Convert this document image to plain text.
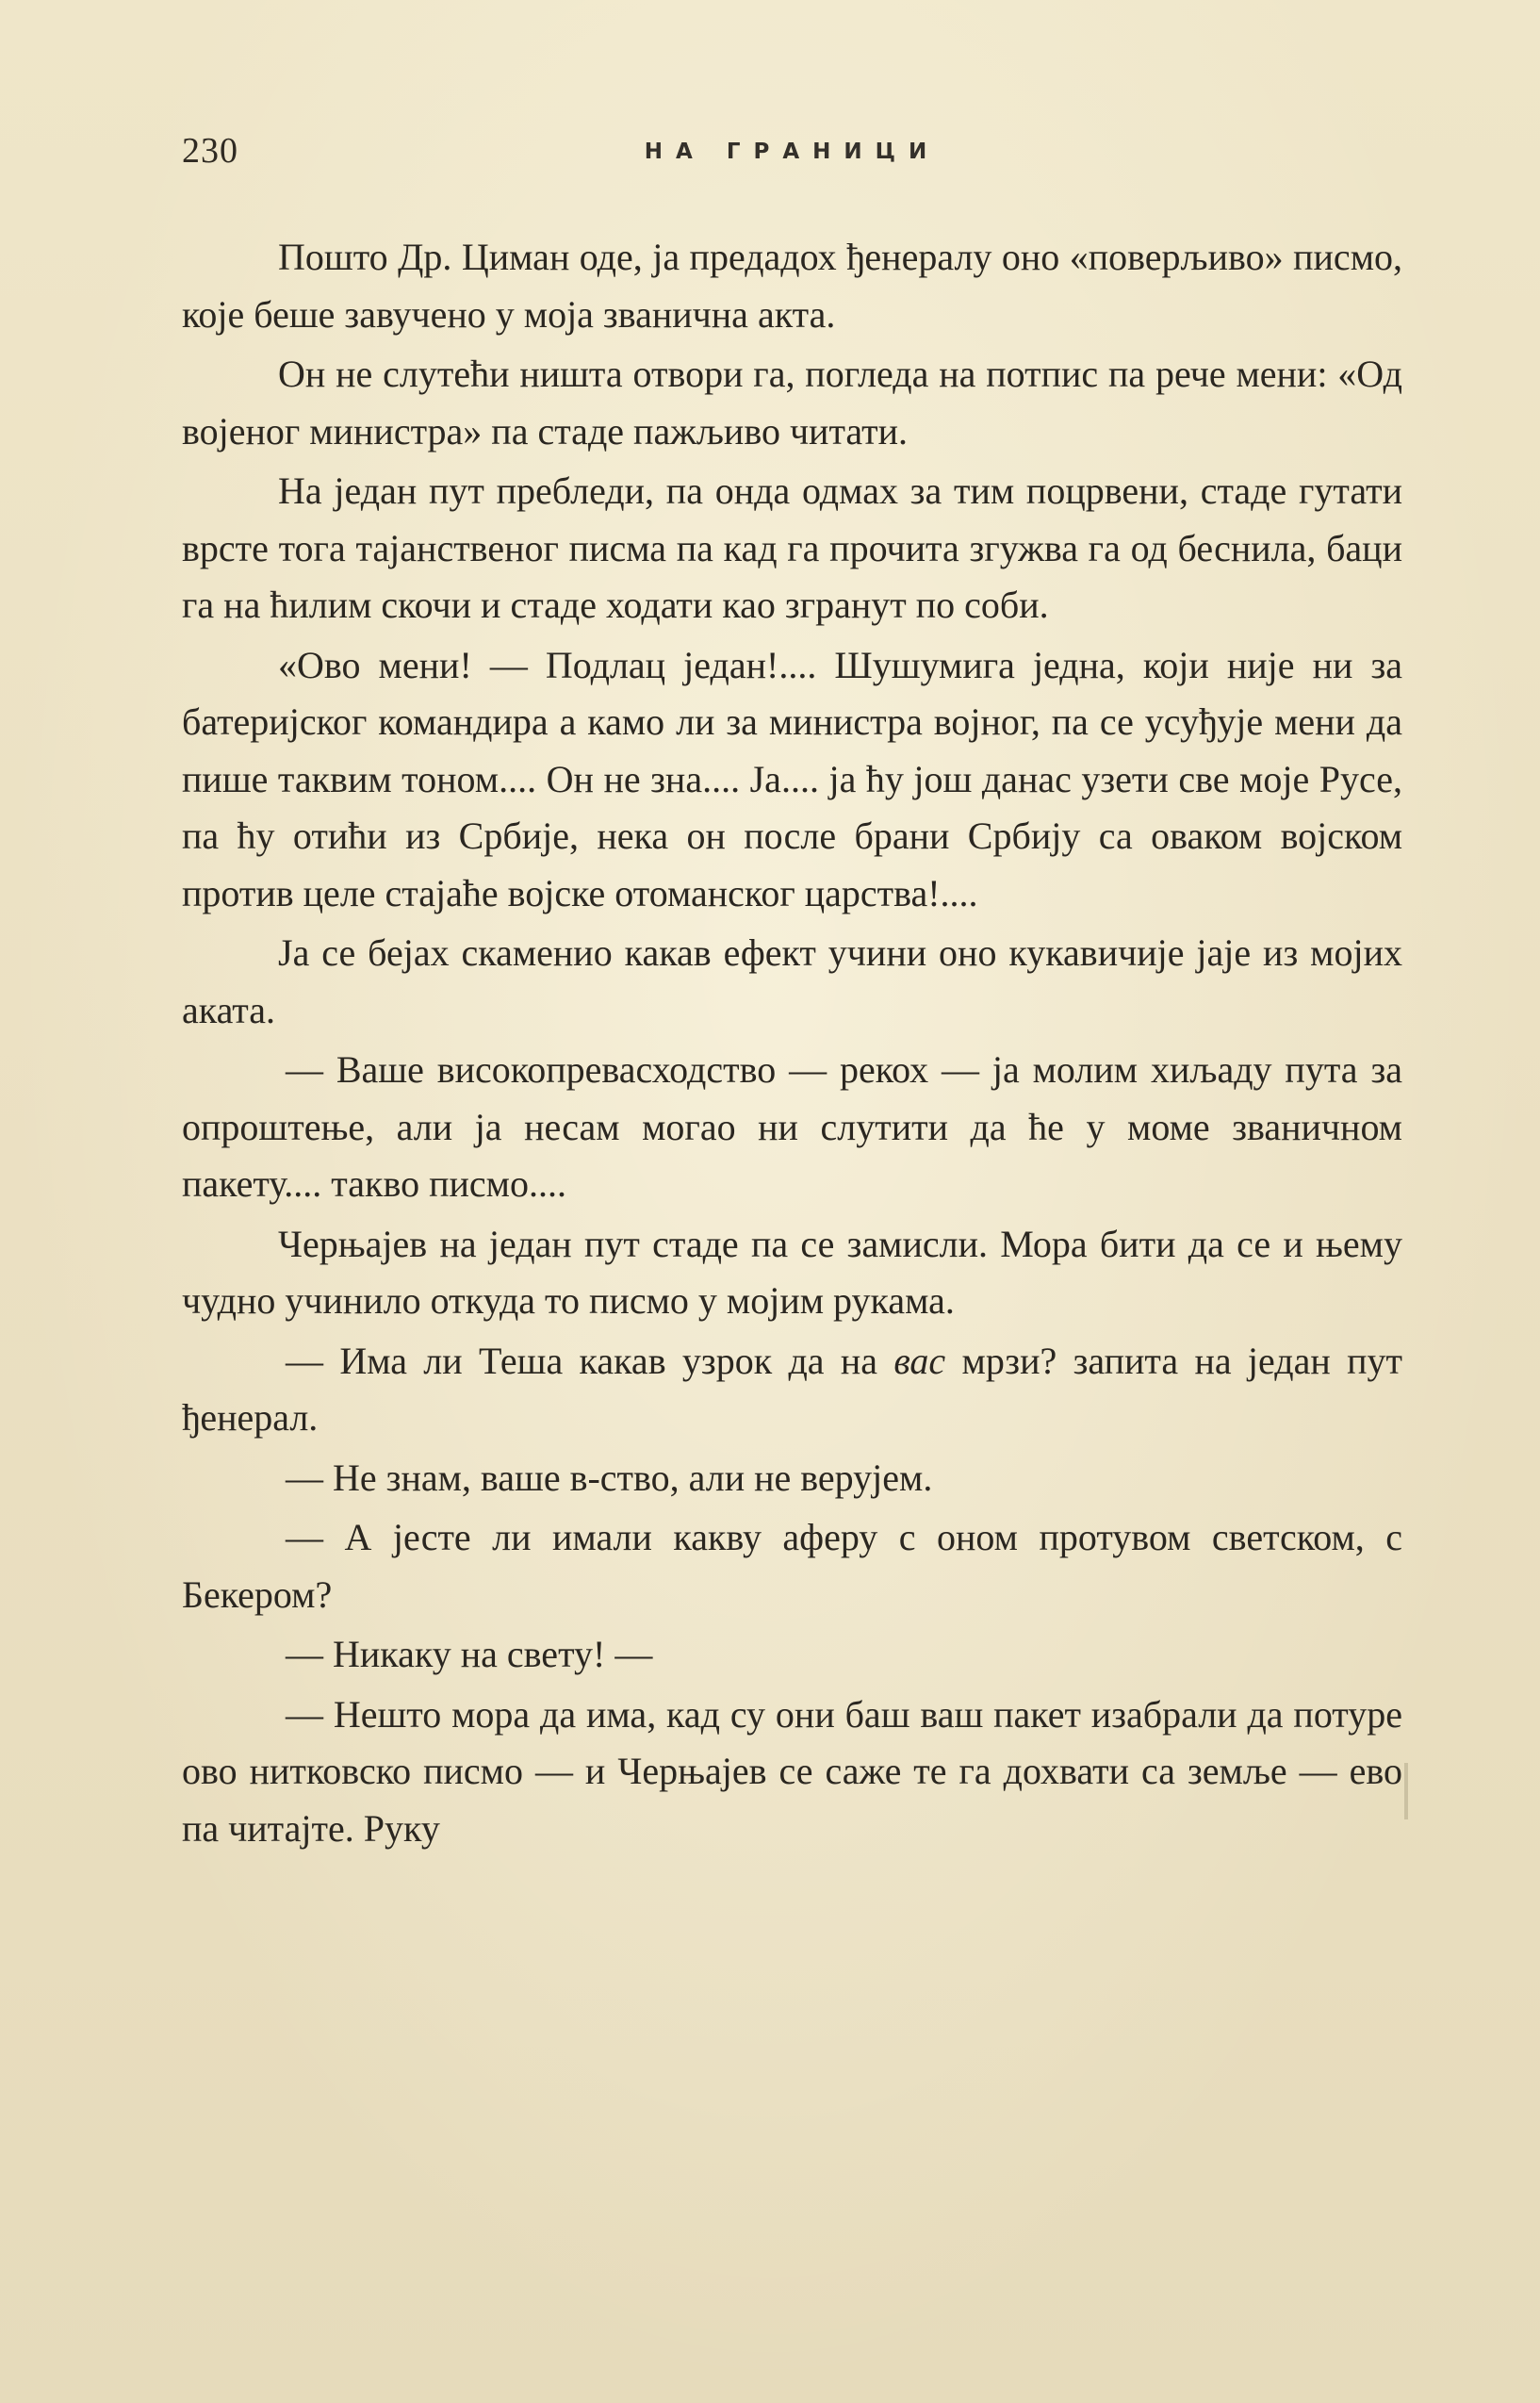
230	НА ГРАНИЦИ

Пошто Др. Циман оде, ја предадох ђенералу оно «поверљиво» писмо, које беше завучено у моја званична акта.

Он не слутећи ништа отвори га, погледа на потпис па рече мени: «Од војеног министра» па стаде пажљиво читати.

На један пут пребледи, па онда одмах за тим поцрвени, стаде гутати врсте тога тајанственог писма па кад га прочита згужва га од беснила, баци га на ћилим скочи и стаде ходати као згранут по соби.

«Ово мени! — Подлац један!.... Шушумига једна, који није ни за батеријског командира а камо ли за министра војног, па се усуђује мени да пише таквим тоном.... Он не зна.... Ја.... ја ћу још данас узети све моје Русе, па ћу отићи из Србије, нека он после брани Србију са оваком војском против целе стајаће војске отоманског царства!....

Ја се бејах скаменио какав ефект учини оно кукавичије јаје из мојих аката.

— Ваше високопревасходство — рекох — ја молим хиљаду пута за опроштење, али ја несам могао ни слутити да ће у моме званичном пакету.... такво писмо....

Черњајев на један пут стаде па се замисли. Мора бити да се и њему чудно учинило откуда то писмо у мојим рукама.

— Има ли Теша какав узрок да на вас мрзи? запита на један пут ђенерал.

— Не знам, ваше в-ство, али не верујем.

— А јесте ли имали какву аферу с оном протувом светском, с Бекером?

— Никаку на свету! —

— Нешто мора да има, кад су они баш ваш пакет изабрали да потуре ово нитковско писмо — и Черњајев се саже те га дохвати са земље — ево па читајте. Руку
